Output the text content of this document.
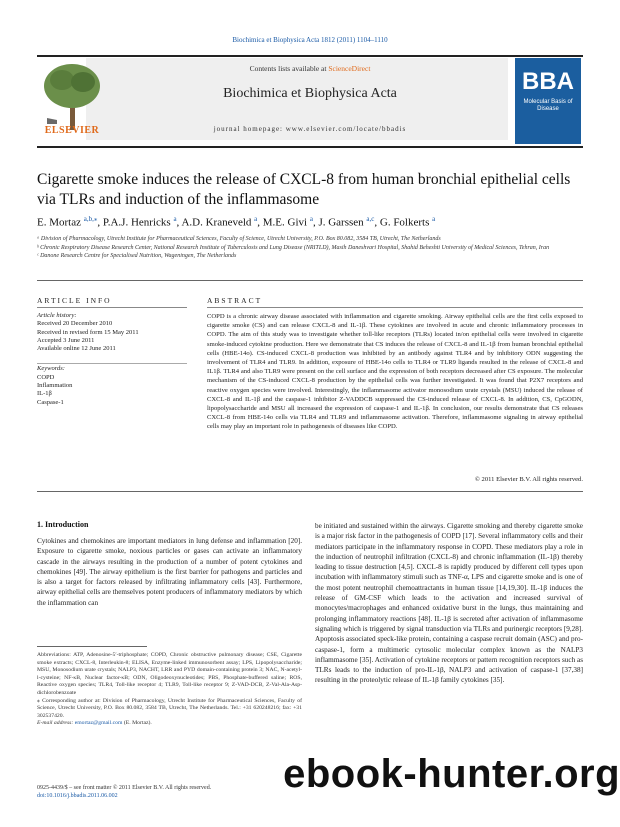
Biochimica et Biophysica Acta 1812 (2011) 1104–1110
ELSEVIER
Contents lists available at ScienceDirect
Biochimica et Biophysica Acta
journal homepage: www.elsevier.com/locate/bbadis
BBA
Molecular Basis of Disease
Cigarette smoke induces the release of CXCL-8 from human bronchial epithelial cells via TLRs and induction of the inflammasome
E. Mortaz $^{a,b,⁎}$, P.A.J. Henricks $^a$, A.D. Kraneveld $^a$, M.E. Givi $^a$, J. Garssen $^{a,c}$, G. Folkerts $^a$
ᵃ Division of Pharmacology, Utrecht Institute for Pharmaceutical Sciences, Faculty of Science, Utrecht University, P.O. Box 80.082, 3584 TB, Utrecht, The Netherlands
ᵇ Chronic Respiratory Disease Research Center, National Research Institute of Tuberculosis and Lung Disease (NRITLD), Masih Daneshvari Hospital, Shahid Beheshti University of Medical Sciences, Tehran, Iran
ᶜ Danone Research Centre for Specialised Nutrition, Wageningen, The Netherlands
ARTICLE INFO	ABSTRACT
Article history:
Received 20 December 2010
Received in revised form 15 May 2011
Accepted 3 June 2011
Available online 12 June 2011
Keywords:
COPD
Inflammation
IL-1β
Caspase-1
COPD is a chronic airway disease associated with inflammation and cigarette smoking. Airway epithelial cells are the first cells exposed to cigarette smoke (CS) and can release CXCL-8 and IL-1β. These cytokines are involved in acute and chronic inflammatory processes in COPD. The aim of this study was to investigate whether toll-like receptors (TLRs) located in/on epithelial cells were involved in cigarette smoke-induced cytokine production. Here we demonstrate that CS induces the release of CXCL-8 and IL-1β from human bronchial epithelial cells (HBE-14o). CS-induced CXCL-8 production was inhibited by an antibody against TLR4 and by inhibitory ODN suggesting the involvement of TLR4 and TLR9. In addition, exposure of HBE-14o cells to TLR4 or TLR9 ligands resulted in the release of CXCL-8 and IL1β. TLR4 and also TLR9 were present on the cell surface and the expression of both receptors decreased after CS exposure. The molecular mechanism of the CS-induced CXCL-8 production by the epithelial cells was further investigated. It was found that P2X7 receptors and reactive oxygen species were involved. Interestingly, the inflammasome activator monosodium urate crystals (MSU) induced the release of CXCL-8 and IL-1β and the caspase-1 inhibitor Z-VADDCB suppressed the CS-induced release of CXCL-8. In addition, CS, CpGODN, lipopolysaccharide and MSU all increased the expression of caspase-1 and IL-1β. In conclusion, our results demonstrate that CS releases CXCL-8 from HBE-14o cells via TLR4 and TLR9 and inflammasome activation. Therefore, inflammasome signaling in airway epithelial cells may play an important role in pathogenesis of diseases like COPD.
© 2011 Elsevier B.V. All rights reserved.
1. Introduction
Cytokines and chemokines are important mediators in lung defense and inflammation [20]. Exposure to cigarette smoke, noxious particles or gases can activate an inflammatory cascade in the airways resulting in the production of a number of potent cytokines and chemokines [49]. The airway epithelium is the first barrier for pathogens and particles and is also a target for factors released by infiltrating inflammatory cells [43]. Furthermore, airway epithelial cells are themselves potent producers of inflammatory mediators by which the inflammation can
be initiated and sustained within the airways. Cigarette smoking and thereby cigarette smoke is a major risk factor in the pathogenesis of COPD [17]. Several inflammatory cells and their mediators participate in the inflammatory response in COPD. These mediators play a role in the induction of neutrophil infiltration (CXCL-8) and chronic inflammation (IL-1β) thereby leading to tissue destruction [4,5]. CXCL-8 is rapidly produced by different cell types upon incubation with inflammatory stimuli such as TNF-α, LPS and cigarette smoke and is one of the most potent neutrophil chemoattractants in human tissue [14,19,30]. IL-1β induces the release of GM-CSF which leads to the activation and increased survival of monocytes/macrophages and enhanced oxidative burst in the lungs, thus maintaining and prolonging inflammatory reactions [48]. IL-1β is secreted after activation of inflammasome signaling which is triggered by signal transduction via TLRs and purinergic receptors [9,28]. Apoptosis associated speck-like protein, containing a caspase recruit domain (ASC) and pro-caspase-1, form a multimeric cytosolic molecular complex known as the NALP3 inflammasome [35]. Activation of cytokine receptors or pattern recognition receptors such as TLRs leads to the induction of pro-IL-1β, NALP3 and activation of caspase-1 [37,38] resulting in the proteolytic release of IL-1β family cytokines [35].
Abbreviations: ATP, Adenosine-5′-triphosphate; COPD, Chronic obstructive pulmonary disease; CSE, Cigarette smoke extracts; CXCL-8, Interleukin-8; ELISA, Enzyme-linked immunosorbent assay; LPS, Lipopolysaccharide; MSU, Monosodium urate crystals; NALP3, NACHT, LRR and PYD domain-containing protein 3; NAC, N-acetyl-l-cysteine; NF-κB, Nuclear factor-κB; ODN, Oligodeoxynucleotides; PBS, Phosphate-buffered saline; ROS, Reactive oxygen species; TLR4, Toll-like receptor 4; TLR9, Toll-like receptor 9; Z-VAD-DCB, Z-Val-Ala-Asp-dichlorobenzoate
⁎ Corresponding author at: Division of Pharmacology, Utrecht Institute for Pharmaceutical Sciences, Faculty of Science, Utrecht University, P.O. Box 80.082, 3584 TB, Utrecht, The Netherlands. Tel.: +31 620248216; fax: +31 302537420.
E-mail address: emortaz@gmail.com (E. Mortaz).
0925-4439/$ – see front matter © 2011 Elsevier B.V. All rights reserved.
doi:10.1016/j.bbadis.2011.06.002	ebook-hunter.org
